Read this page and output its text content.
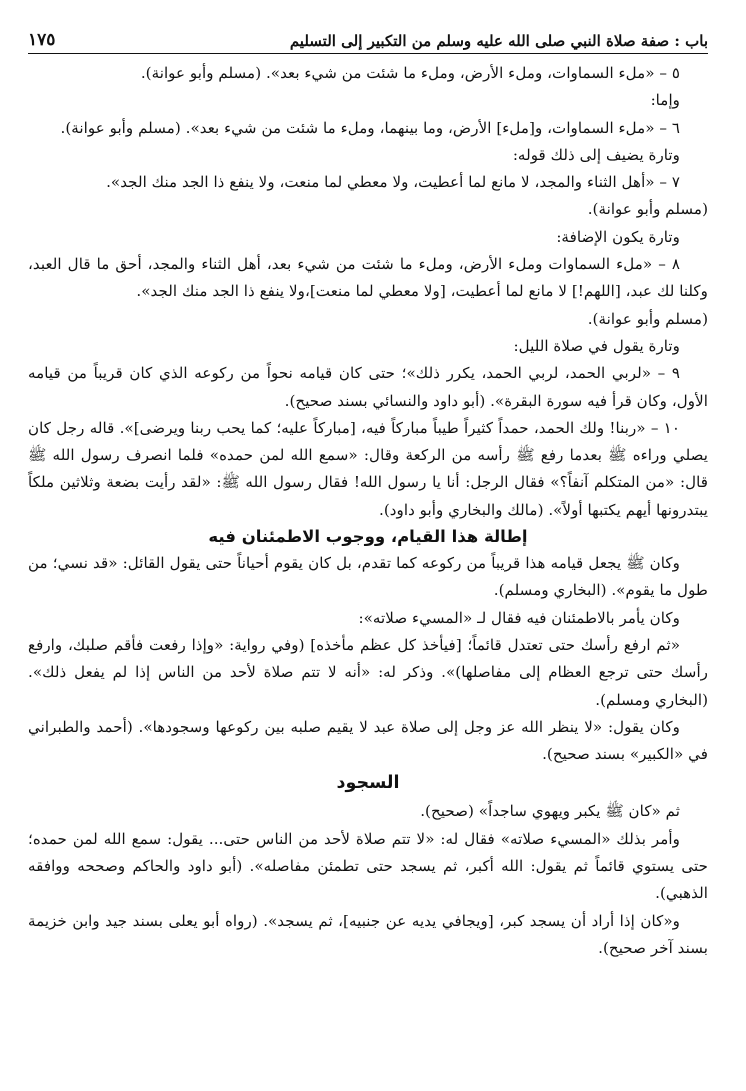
باب : صفة صلاة النبي صلى الله عليه وسلم من التكبير إلى التسليم
١٧٥

٥ – «ملء السماوات، وملء الأرض، وملء ما شئت من شيء بعد». (مسلم وأبو عوانة).

وإما:

٦ – «ملء السماوات، و[ملء] الأرض، وما بينهما، وملء ما شئت من شيء بعد». (مسلم وأبو عوانة).

وتارة يضيف إلى ذلك قوله:

٧ – «أهل الثناء والمجد، لا مانع لما أعطيت، ولا معطي لما منعت، ولا ينفع ذا الجد منك الجد».

(مسلم وأبو عوانة).

وتارة يكون الإضافة:

٨ – «ملء السماوات وملء الأرض، وملء ما شئت من شيء بعد، أهل الثناء والمجد، أحق ما قال العبد، وكلنا لك عبد، [اللهم!] لا مانع لما أعطيت، [ولا معطي لما منعت]،ولا ينفع ذا الجد منك الجد».

(مسلم وأبو عوانة).

وتارة يقول في صلاة الليل:

٩ – «لربي الحمد، لربي الحمد، يكرر ذلك»؛ حتى كان قيامه نحواً من ركوعه الذي كان قريباً من قيامه الأول، وكان قرأ فيه سورة البقرة». (أبو داود والنسائي بسند صحيح).

١٠ – «ربنا! ولك الحمد، حمداً كثيراً طيباً مباركاً فيه، [مباركاً عليه؛ كما يحب ربنا ويرضى]». قاله رجل كان يصلي وراءه ﷺ بعدما رفع ﷺ رأسه من الركعة وقال: «سمع الله لمن حمده» فلما انصرف رسول الله ﷺ قال: «من المتكلم آنفاً؟» فقال الرجل: أنا يا رسول الله! فقال رسول الله ﷺ: «لقد رأيت بضعة وثلاثين ملكاً يبتدرونها أيهم يكتبها أولاً». (مالك والبخاري وأبو داود).

إطالة هذا القيام، ووجوب الاطمئنان فيه

وكان ﷺ يجعل قيامه هذا قريباً من ركوعه كما تقدم، بل كان يقوم أحياناً حتى يقول القائل: «قد نسي؛ من طول ما يقوم». (البخاري ومسلم).

وكان يأمر بالاطمئنان فيه فقال لـ «المسيء صلاته»:

«ثم ارفع رأسك حتى تعتدل قائماً؛ [فيأخذ كل عظم مأخذه] (وفي رواية: «وإذا رفعت فأقم صلبك، وارفع رأسك حتى ترجع العظام إلى مفاصلها)». وذكر له: «أنه لا تتم صلاة لأحد من الناس إذا لم يفعل ذلك». (البخاري ومسلم).

وكان يقول: «لا ينظر الله عز وجل إلى صلاة عبد لا يقيم صلبه بين ركوعها وسجودها». (أحمد والطبراني في «الكبير» بسند صحيح).

السجود

ثم «كان ﷺ يكبر ويهوي ساجداً» (صحيح).

وأمر بذلك «المسيء صلاته» فقال له: «لا تتم صلاة لأحد من الناس حتى... يقول: سمع الله لمن حمده؛ حتى يستوي قائماً ثم يقول: الله أكبر، ثم يسجد حتى تطمئن مفاصله». (أبو داود والحاكم وصححه ووافقه الذهبي).

و«كان إذا أراد أن يسجد كبر، [ويجافي يديه عن جنبيه]، ثم يسجد». (رواه أبو يعلى بسند جيد وابن خزيمة بسند آخر صحيح).
